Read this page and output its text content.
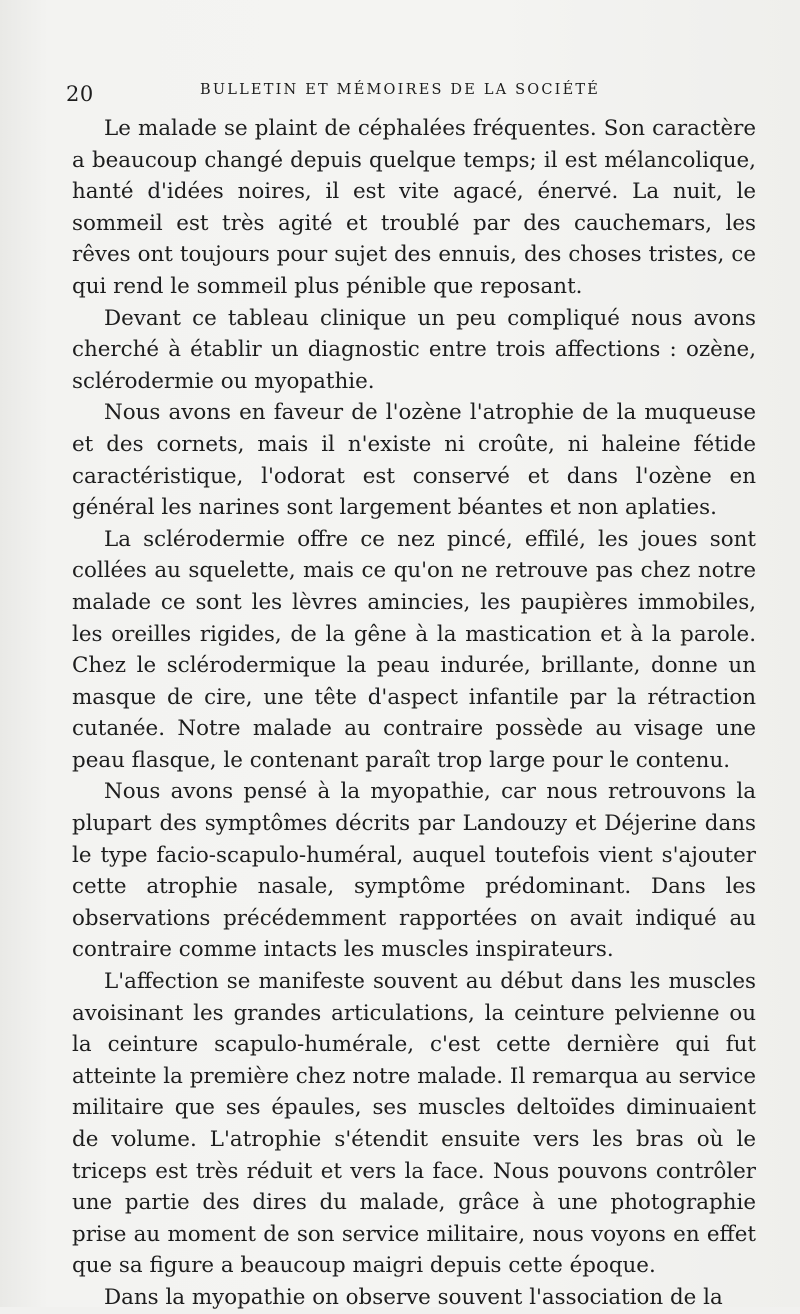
20	BULLETIN ET MÉMOIRES DE LA SOCIÉTÉ

Le malade se plaint de céphalées fréquentes. Son caractère a beaucoup changé depuis quelque temps; il est mélancolique, hanté d'idées noires, il est vite agacé, énervé. La nuit, le sommeil est très agité et troublé par des cauchemars, les rêves ont toujours pour sujet des ennuis, des choses tristes, ce qui rend le sommeil plus pénible que reposant.

Devant ce tableau clinique un peu compliqué nous avons cherché à établir un diagnostic entre trois affections : ozène, sclérodermie ou myopathie.

Nous avons en faveur de l'ozène l'atrophie de la muqueuse et des cornets, mais il n'existe ni croûte, ni haleine fétide caractéristique, l'odorat est conservé et dans l'ozène en général les narines sont largement béantes et non aplaties.

La sclérodermie offre ce nez pincé, effilé, les joues sont collées au squelette, mais ce qu'on ne retrouve pas chez notre malade ce sont les lèvres amincies, les paupières immobiles, les oreilles rigides, de la gêne à la mastication et à la parole. Chez le sclérodermique la peau indurée, brillante, donne un masque de cire, une tête d'aspect infantile par la rétraction cutanée. Notre malade au contraire possède au visage une peau flasque, le contenant paraît trop large pour le contenu.

Nous avons pensé à la myopathie, car nous retrouvons la plupart des symptômes décrits par Landouzy et Déjerine dans le type facio-scapulo-huméral, auquel toutefois vient s'ajouter cette atrophie nasale, symptôme prédominant. Dans les observations précédemment rapportées on avait indiqué au contraire comme intacts les muscles inspirateurs.

L'affection se manifeste souvent au début dans les muscles avoisinant les grandes articulations, la ceinture pelvienne ou la ceinture scapulo-humérale, c'est cette dernière qui fut atteinte la première chez notre malade. Il remarqua au service militaire que ses épaules, ses muscles deltoïdes diminuaient de volume. L'atrophie s'étendit ensuite vers les bras où le triceps est très réduit et vers la face. Nous pouvons contrôler une partie des dires du malade, grâce à une photographie prise au moment de son service militaire, nous voyons en effet que sa figure a beaucoup maigri depuis cette époque.

Dans la myopathie on observe souvent l'association de la
